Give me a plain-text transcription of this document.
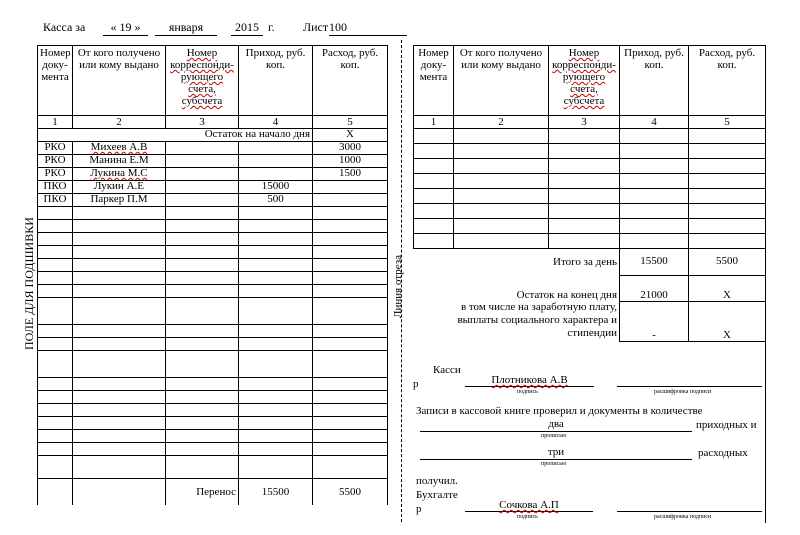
Касса за	« 19 »	января	2015 г. Лист 100
ПОЛЕ ДЛЯ ПОДШИВКИ	Линия отреза
Номер доку-мента	От кого получено или кому выдано	Номер корреспонди-рующего счета, субсчета	Приход, руб. коп.	Расход, руб. коп.
1	2	3	4	5
Остаток на начало дня				X
РКО	Михеев А.В			3000
РКО	Манина Е.М			1000
РКО	Лукина М.С			1500
ПКО	Лукин А.Е		15000	
ПКО	Паркер П.М		500	

		Перенос	15500	5500
Номер доку-мента	От кого получено или кому выдано	Номер корреспонди-рующего счета, субсчета	Приход, руб. коп.	Расход, руб. коп.
1	2	3	4	5

Итого за день			15500	5500
Остаток на конец дня			21000	X
в том числе на заработную плату, выплаты социального характера и стипендии			-	X
Касси
р	Плотникова А.В
подпись	расшифровка подписи
Записи в кассовой книге проверил и документы в количестве
два	приходных и
прописью
три	расходных
прописью
получил.
Бухгалте
р	Сочкова А.П
подпись	расшифровка подписи
